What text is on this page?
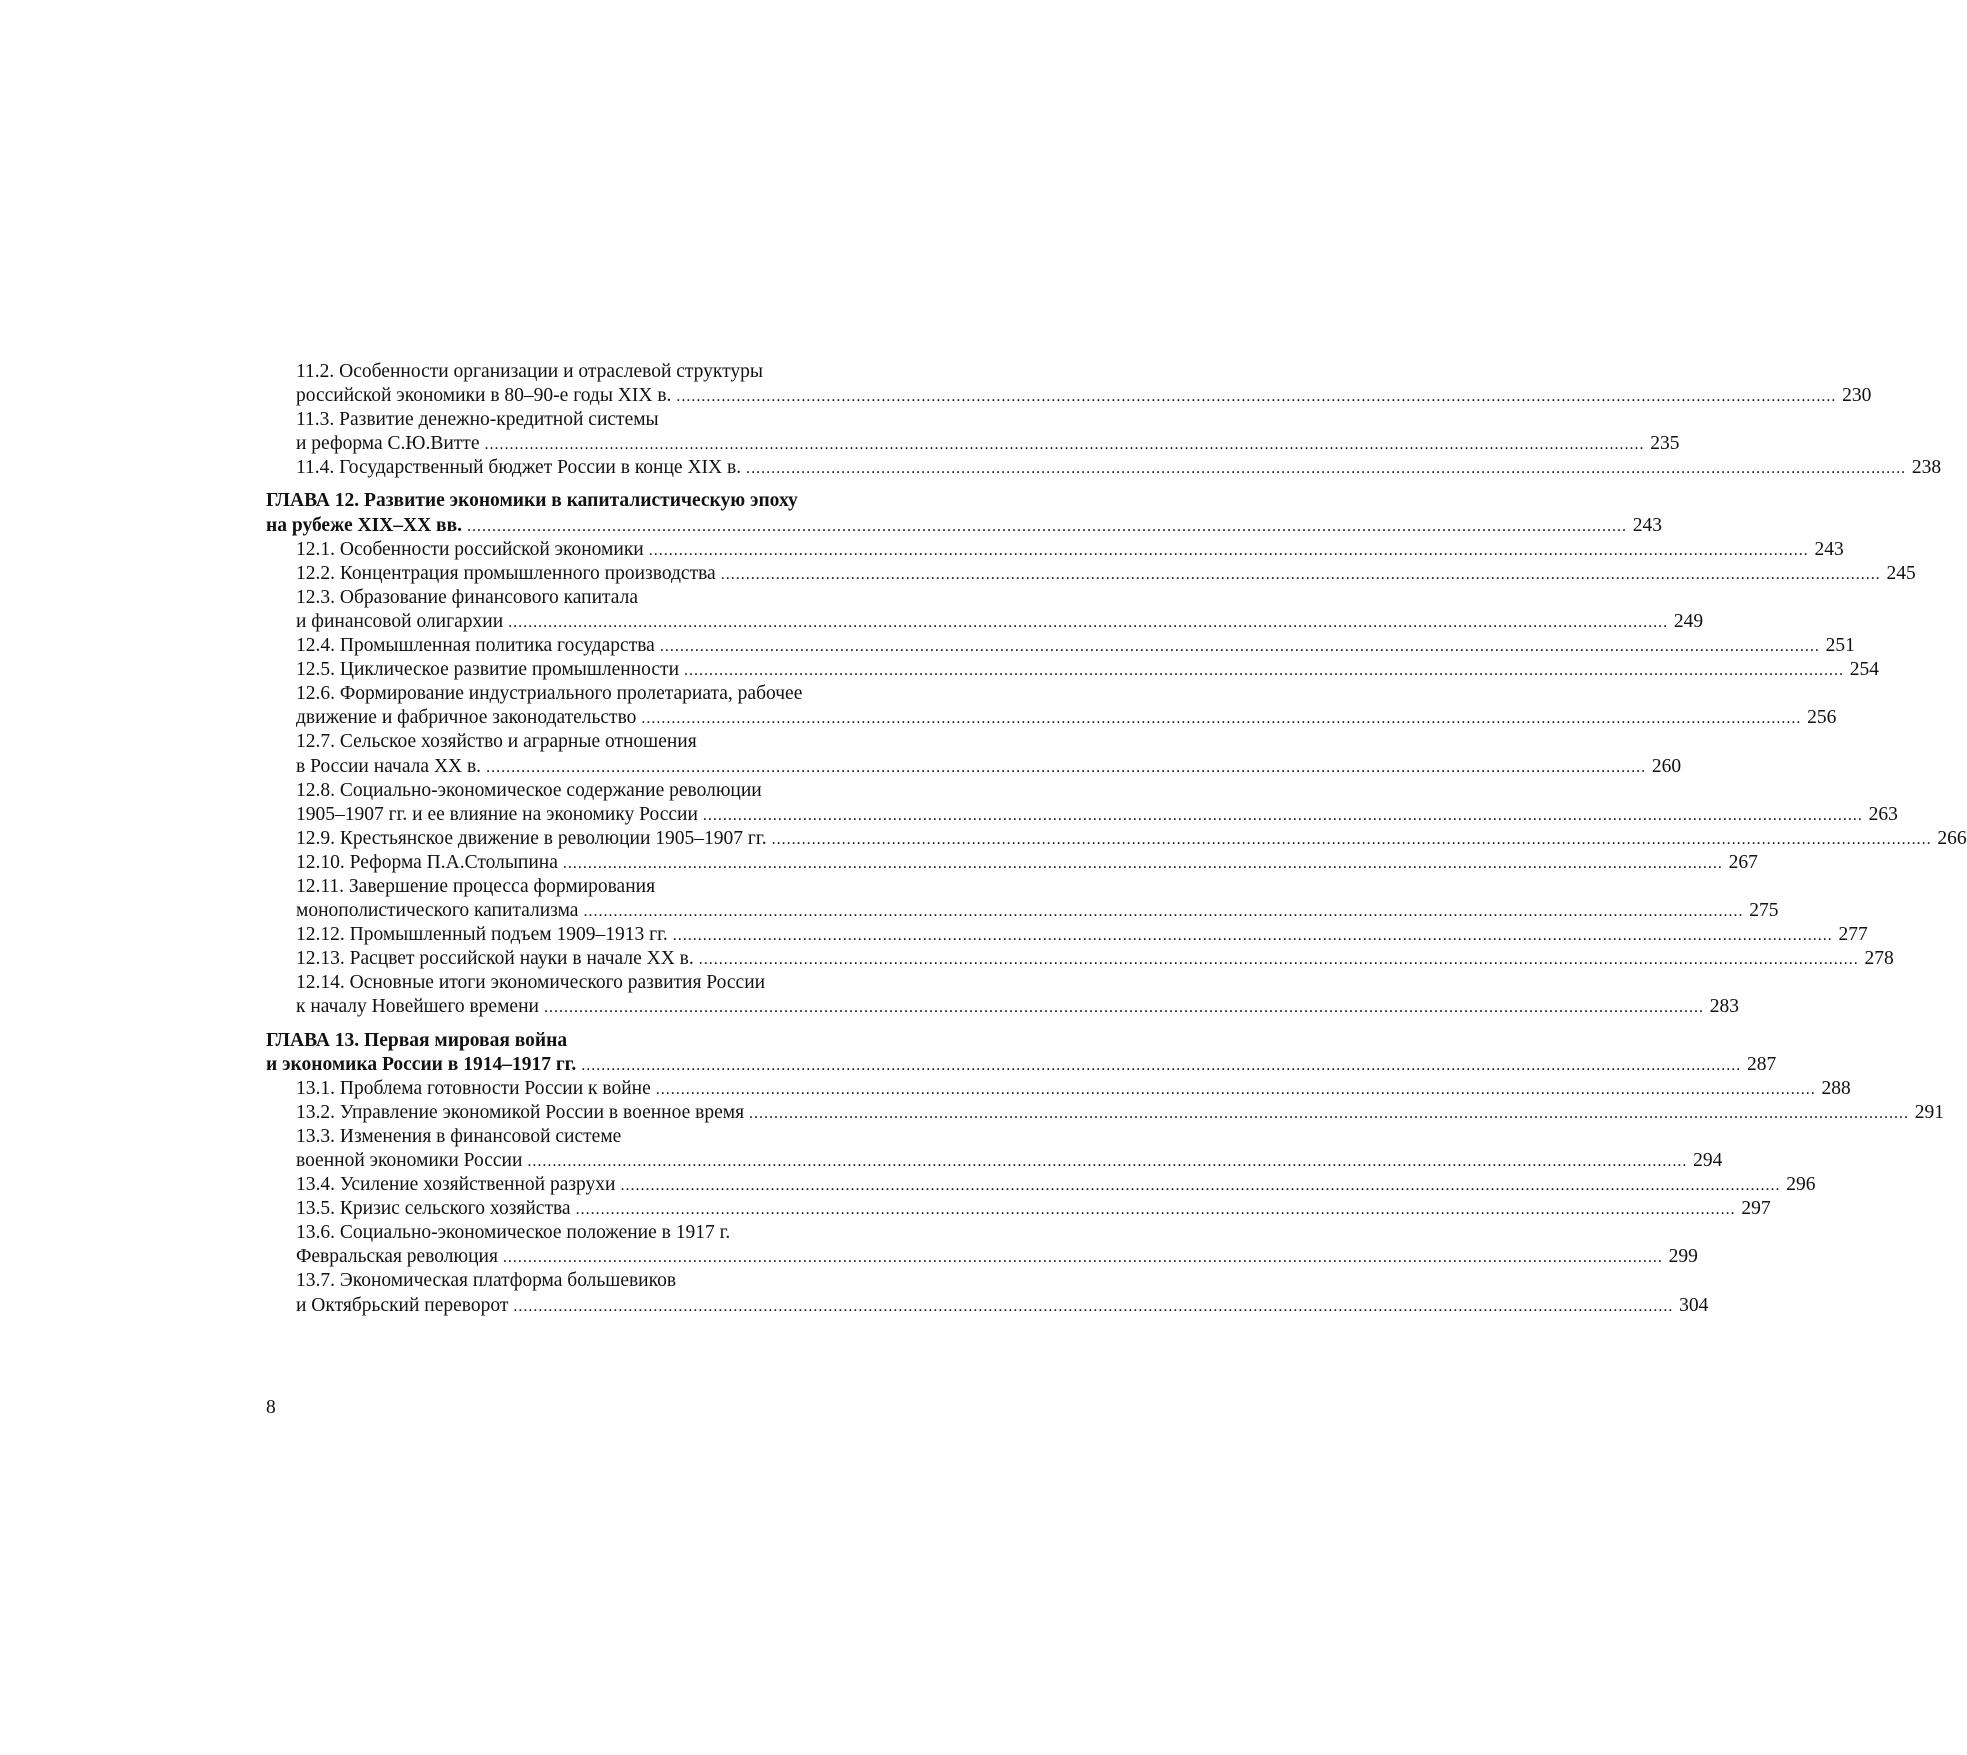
11.2. Особенности организации и отраслевой структуры
российской экономики в 80–90-е годы XIX в. .....	230
11.3. Развитие денежно-кредитной системы
и реформа С.Ю.Витте .....	235
11.4. Государственный бюджет России в конце XIX в. .....	238
ГЛАВА 12. Развитие экономики в капиталистическую эпоху
на рубеже XIX–XX вв. .....	243
12.1. Особенности российской экономики .....	243
12.2. Концентрация промышленного производства .....	245
12.3. Образование финансового капитала
и финансовой олигархии .....	249
12.4. Промышленная политика государства .....	251
12.5. Циклическое развитие промышленности .....	254
12.6. Формирование индустриального пролетариата, рабочее
движение и фабричное законодательство .....	256
12.7. Сельское хозяйство и аграрные отношения
в России начала XX в. .....	260
12.8. Социально-экономическое содержание революции
1905–1907 гг. и ее влияние на экономику России .....	263
12.9. Крестьянское движение в революции 1905–1907 гг. .....	266
12.10. Реформа П.А.Столыпина .....	267
12.11. Завершение процесса формирования
монополистического капитализма .....	275
12.12. Промышленный подъем 1909–1913 гг. .....	277
12.13. Расцвет российской науки в начале XX в. .....	278
12.14. Основные итоги экономического развития России
к началу Новейшего времени .....	283
ГЛАВА 13. Первая мировая война
и экономика России в 1914–1917 гг. .....	287
13.1. Проблема готовности России к войне .....	288
13.2. Управление экономикой России в военное время .....	291
13.3. Изменения в финансовой системе
военной экономики России .....	294
13.4. Усиление хозяйственной разрухи .....	296
13.5. Кризис сельского хозяйства .....	297
13.6. Социально-экономическое положение в 1917 г.
Февральская революция .....	299
13.7. Экономическая платформа большевиков
и Октябрьский переворот .....	304
8
